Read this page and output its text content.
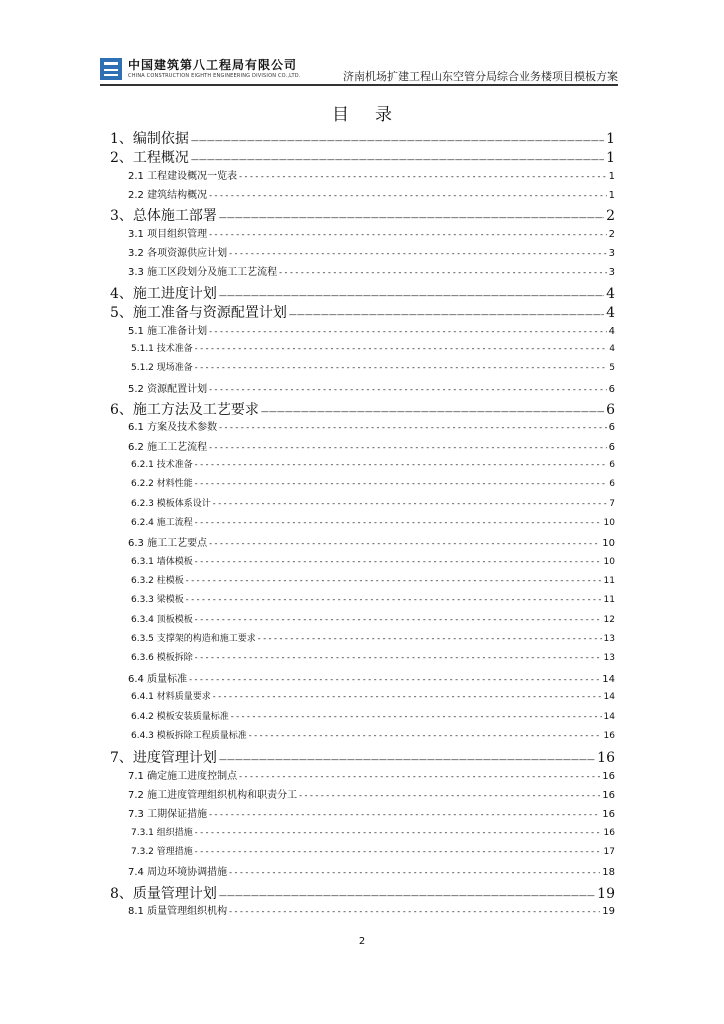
中国建筑第八工程局有限公司
CHINA CONSTRUCTION EIGHTH ENGINEERING DIVISION CO.,LTD.	济南机场扩建工程山东空管分局综合业务楼项目模板方案
目录
1、编制依据 —————	1
2、工程概况 —————	1
2.1 工程建设概况一览表 - - -	1
2.2 建筑结构概况 - - -	1
3、总体施工部署 —————	2
3.1 项目组织管理 - - -	2
3.2 各项资源供应计划 - - -	3
3.3 施工区段划分及施工工艺流程 - - -	3
4、施工进度计划 —————	4
5、施工准备与资源配置计划 —————	4
5.1 施工准备计划 - - -	4
5.1.1 技术准备 - - -	4
5.1.2 现场准备 - - -	5
5.2 资源配置计划 - - -	6
6、施工方法及工艺要求 —————	6
6.1 方案及技术参数 - - -	6
6.2 施工工艺流程 - - -	6
6.2.1 技术准备 - - -	6
6.2.2 材料性能 - - -	6
6.2.3 模板体系设计 - - -	7
6.2.4 施工流程 - - -	10
6.3 施工工艺要点 - - -	10
6.3.1 墙体模板 - - -	10
6.3.2 柱模板 - - -	11
6.3.3 梁模板 - - -	11
6.3.4 顶板模板 - - -	12
6.3.5 支撑架的构造和施工要求 - - -	13
6.3.6 模板拆除 - - -	13
6.4 质量标准 - - -	14
6.4.1 材料质量要求 - - -	14
6.4.2 模板安装质量标准 - - -	14
6.4.3 模板拆除工程质量标准 - - -	16
7、进度管理计划 —————	16
7.1 确定施工进度控制点 - - -	16
7.2 施工进度管理组织机构和职责分工 - - -	16
7.3 工期保证措施 - - -	16
7.3.1 组织措施 - - -	16
7.3.2 管理措施 - - -	17
7.4 周边环境协调措施 - - -	18
8、质量管理计划 —————	19
8.1 质量管理组织机构 - - -	19
2
